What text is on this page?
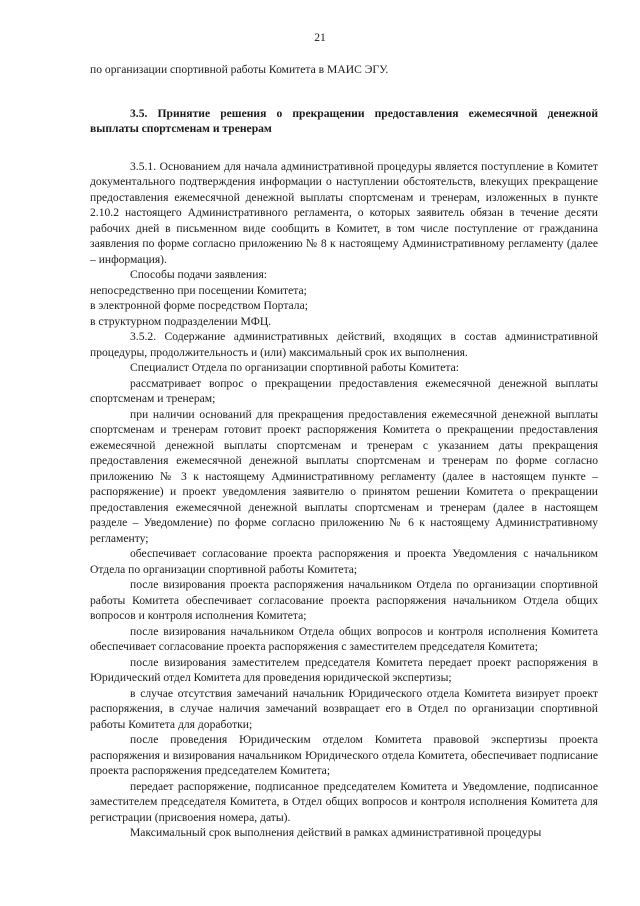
21

по организации спортивной работы Комитета в МАИС ЭГУ.

3.5. Принятие решения о прекращении предоставления ежемесячной денежной выплаты спортсменам и тренерам

3.5.1. Основанием для начала административной процедуры является поступление в Комитет документального подтверждения информации о наступлении обстоятельств, влекущих прекращение предоставления ежемесячной денежной выплаты спортсменам и тренерам, изложенных в пункте 2.10.2 настоящего Административного регламента, о которых заявитель обязан в течение десяти рабочих дней в письменном виде сообщить в Комитет, в том числе поступление от гражданина заявления по форме согласно приложению № 8 к настоящему Административному регламенту (далее – информация).

Способы подачи заявления:

непосредственно при посещении Комитета;

в электронной форме посредством Портала;

в структурном подразделении МФЦ.

3.5.2. Содержание административных действий, входящих в состав административной процедуры, продолжительность и (или) максимальный срок их выполнения.

Специалист Отдела по организации спортивной работы Комитета:

рассматривает вопрос о прекращении предоставления ежемесячной денежной выплаты спортсменам и тренерам;

при наличии оснований для прекращения предоставления ежемесячной денежной выплаты спортсменам и тренерам готовит проект распоряжения Комитета о прекращении предоставления ежемесячной денежной выплаты спортсменам и тренерам с указанием даты прекращения предоставления ежемесячной денежной выплаты спортсменам и тренерам по форме согласно приложению № 3 к настоящему Административному регламенту (далее в настоящем пункте – распоряжение) и проект уведомления заявителю о принятом решении Комитета о прекращении предоставления ежемесячной денежной выплаты спортсменам и тренерам (далее в настоящем разделе – Уведомление) по форме согласно приложению № 6 к настоящему Административному регламенту;

обеспечивает согласование проекта распоряжения и проекта Уведомления с начальником Отдела по организации спортивной работы Комитета;

после визирования проекта распоряжения начальником Отдела по организации спортивной работы Комитета обеспечивает согласование проекта распоряжения начальником Отдела общих вопросов и контроля исполнения Комитета;

после визирования начальником Отдела общих вопросов и контроля исполнения Комитета обеспечивает согласование проекта распоряжения с заместителем председателя Комитета;

после визирования заместителем председателя Комитета передает проект распоряжения в Юридический отдел Комитета для проведения юридической экспертизы;

в случае отсутствия замечаний начальник Юридического отдела Комитета визирует проект распоряжения, в случае наличия замечаний возвращает его в Отдел по организации спортивной работы Комитета для доработки;

после проведения Юридическим отделом Комитета правовой экспертизы проекта распоряжения и визирования начальником Юридического отдела Комитета, обеспечивает подписание проекта распоряжения председателем Комитета;

передает распоряжение, подписанное председателем Комитета и Уведомление, подписанное заместителем председателя Комитета, в Отдел общих вопросов и контроля исполнения Комитета для регистрации (присвоения номера, даты).

Максимальный срок выполнения действий в рамках административной процедуры
